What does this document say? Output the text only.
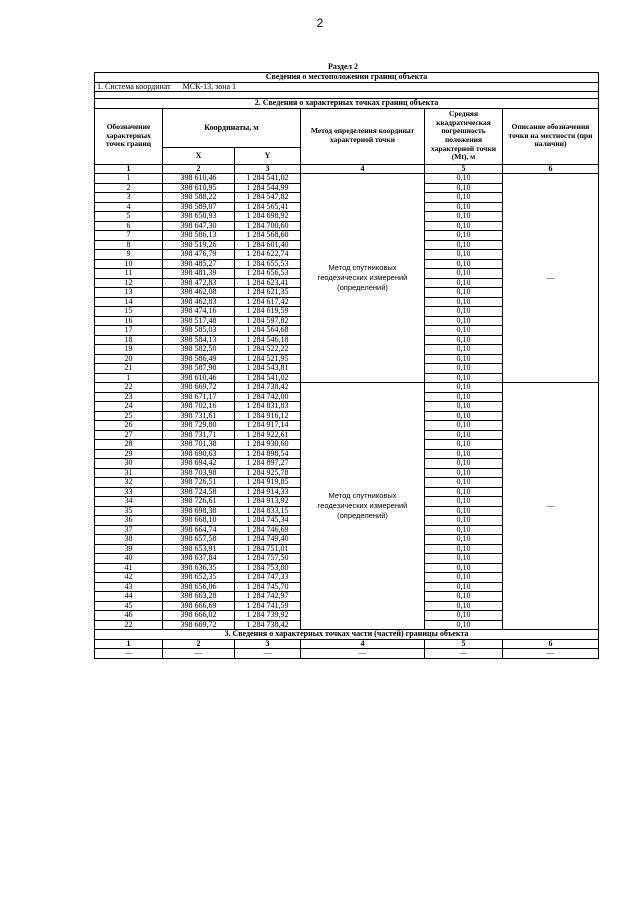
2
Раздел 2
Сведения о местоположении границ объекта					
1. Система координат МСК-13, зона 1					

2. Сведения о характерных точках границ объекта					
Обозначение характерных точек границ	Координаты, м		Метод определения координат характерной точки	Средняя квадратическая погрешность положения характерной точки (Mt), м	Описание обозначения точки на местности (при наличии)
	X	Y			
1	2	3	4	5	6
1	398 610,46	1 284 541,02	Метод спутниковых геодезических измерений (определений)	0,10	—
2	398 610,95	1 284 544,99		0,10	
3	398 588,22	1 284 547,82		0,10	
4	398 589,07	1 284 565,41		0,10	
5	398 650,93	1 284 698,92		0,10	
6	398 647,30	1 284 700,60		0,10	
7	398 586,13	1 284 568,60		0,10	
8	398 519,26	1 284 601,40		0,10	
9	398 476,79	1 284 622,74		0,10	
10	398 485,27	1 284 655,53		0,10	
11	398 481,39	1 284 656,53		0,10	
12	398 472,83	1 284 623,41		0,10	
13	398 462,08	1 284 621,35		0,10	
14	398 462,83	1 284 617,42		0,10	
15	398 474,16	1 284 619,59		0,10	
16	398 517,48	1 284 597,82		0,10	
17	398 585,03	1 284 564,68		0,10	
18	398 584,13	1 284 546,18		0,10	
19	398 582,50	1 284 522,22		0,10	
20	398 586,49	1 284 521,95		0,10	
21	398 587,98	1 284 543,81		0,10	
1	398 610,46	1 284 541,02		0,10	
22	398 669,72	1 284 738,42	Метод спутниковых геодезических измерений (определений)	0,10	—
23	398 671,17	1 284 742,00		0,10	
24	398 702,16	1 284 831,83		0,10	
25	398 731,61	1 284 916,12		0,10	
26	398 729,80	1 284 917,14		0,10	
27	398 731,71	1 284 922,61		0,10	
28	398 701,38	1 284 930,60		0,10	
29	398 690,63	1 284 898,54		0,10	
30	398 694,42	1 284 897,27		0,10	
31	398 703,98	1 284 925,78		0,10	
32	398 726,51	1 284 919,85		0,10	
33	398 724,58	1 284 914,33		0,10	
34	398 726,61	1 284 913,92		0,10	
35	398 698,38	1 284 833,15		0,10	
36	398 668,10	1 284 745,34		0,10	
37	398 664,74	1 284 746,69		0,10	
38	398 657,58	1 284 749,40		0,10	
39	398 653,91	1 284 751,01		0,10	
40	398 637,84	1 284 757,50		0,10	
41	398 636,35	1 284 753,80		0,10	
42	398 652,35	1 284 747,33		0,10	
43	398 656,06	1 284 745,70		0,10	
44	398 663,28	1 284 742,97		0,10	
45	398 666,69	1 284 741,59		0,10	
46	398 666,02	1 284 739,92		0,10	
22	398 669,72	1 284 738,42		0,10	
3. Сведения о характерных точках части (частей) границы объекта					
1	2	3	4	5	6
—	—	—	—	—	—
